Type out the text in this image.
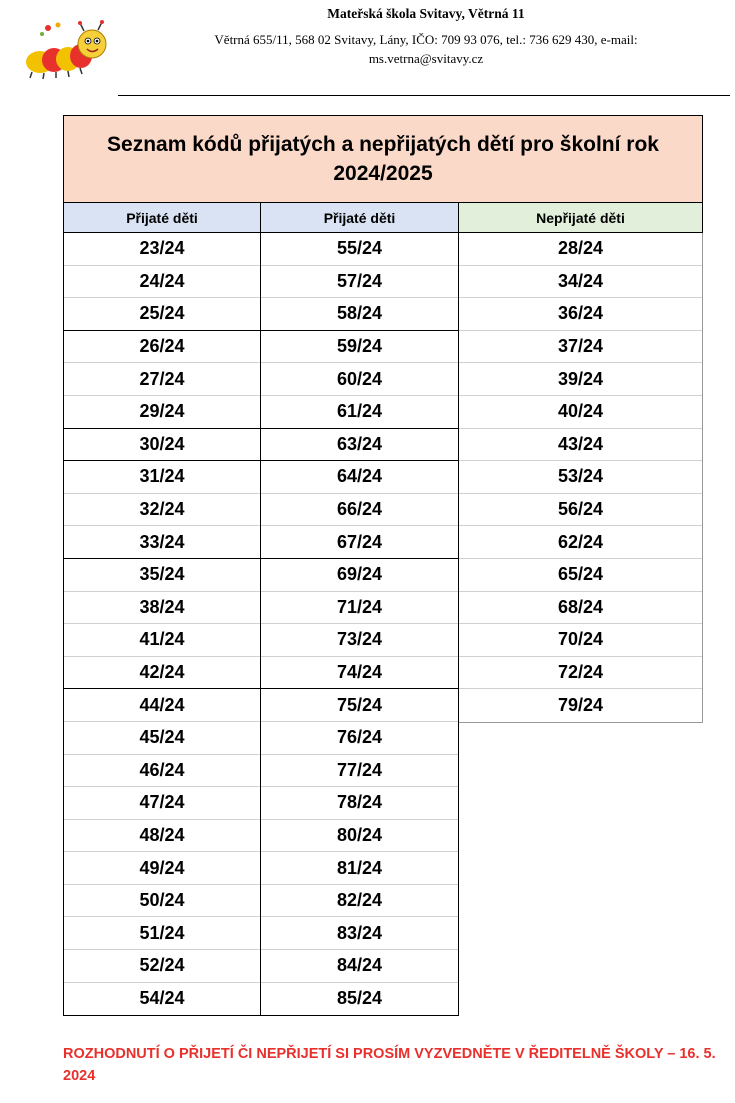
Mateřská škola Svitavy, Větrná 11
Větrná 655/11, 568 02 Svitavy, Lány, IČO: 709 93 076, tel.: 736 629 430, e-mail:
ms.vetrna@svitavy.cz
Seznam kódů přijatých a nepřijatých dětí pro školní rok 2024/2025
Přijaté děti
23/24
24/24
25/24
26/24
27/24
29/24
30/24
31/24
32/24
33/24
35/24
38/24
41/24
42/24
44/24
45/24
46/24
47/24
48/24
49/24
50/24
51/24
52/24
54/24
Přijaté děti
55/24
57/24
58/24
59/24
60/24
61/24
63/24
64/24
66/24
67/24
69/24
71/24
73/24
74/24
75/24
76/24
77/24
78/24
80/24
81/24
82/24
83/24
84/24
85/24
Nepřijaté děti
28/24
34/24
36/24
37/24
39/24
40/24
43/24
53/24
56/24
62/24
65/24
68/24
70/24
72/24
79/24
ROZHODNUTÍ O PŘIJETÍ ČI NEPŘIJETÍ SI PROSÍM VYZVEDNĚTE V ŘEDITELNĚ ŠKOLY – 16. 5. 2024
